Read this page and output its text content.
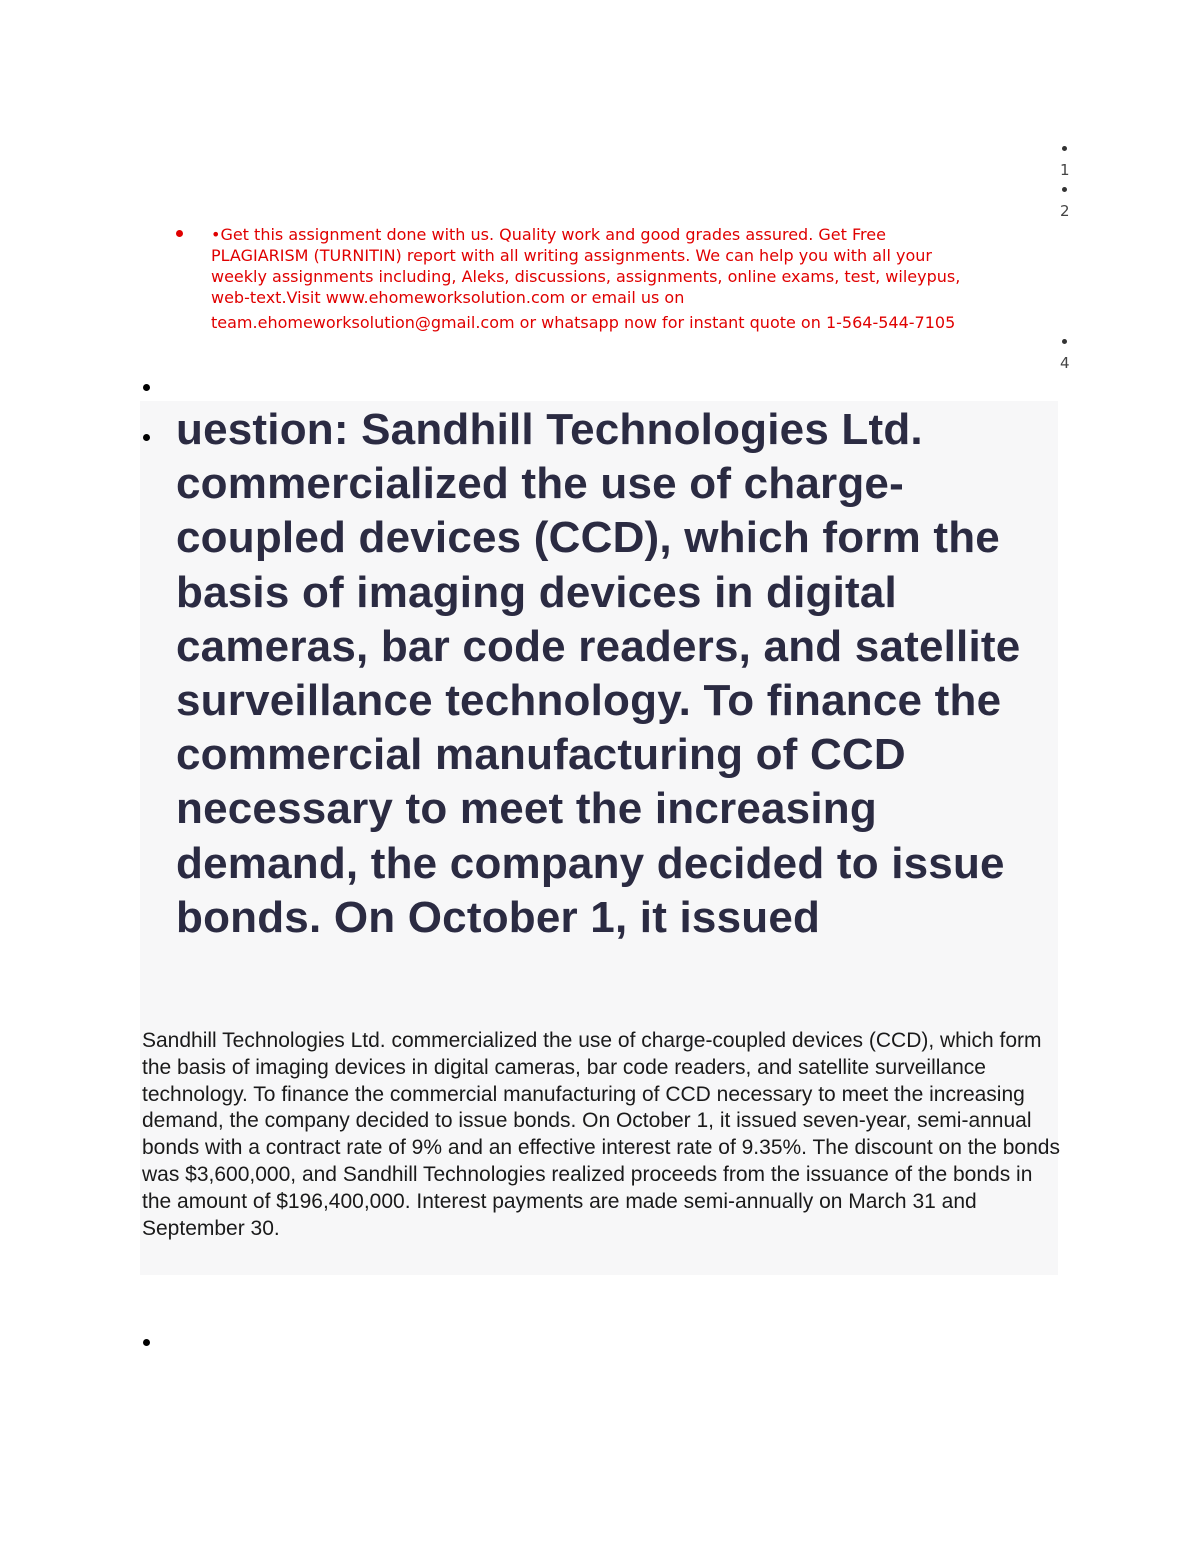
1
2
4

•Get this assignment done with us. Quality work and good grades assured. Get Free
PLAGIARISM (TURNITIN) report with all writing assignments. We can help you with all your
weekly assignments including, Aleks, discussions, assignments, online exams, test, wileypus,
web-text.Visit www.ehomeworksolution.com or email us on
team.ehomeworksolution@gmail.com or whatsapp now for instant quote on 1-564-544-7105

uestion: Sandhill Technologies Ltd. commercialized the use of charge-coupled devices (CCD), which form the basis of imaging devices in digital cameras, bar code readers, and satellite surveillance technology. To finance the commercial manufacturing of CCD necessary to meet the increasing demand, the company decided to issue bonds. On October 1, it issued

Sandhill Technologies Ltd. commercialized the use of charge-coupled devices (CCD), which form the basis of imaging devices in digital cameras, bar code readers, and satellite surveillance technology. To finance the commercial manufacturing of CCD necessary to meet the increasing demand, the company decided to issue bonds. On October 1, it issued seven-year, semi-annual bonds with a contract rate of 9% and an effective interest rate of 9.35%. The discount on the bonds was $3,600,000, and Sandhill Technologies realized proceeds from the issuance of the bonds in the amount of $196,400,000. Interest payments are made semi-annually on March 31 and September 30.
